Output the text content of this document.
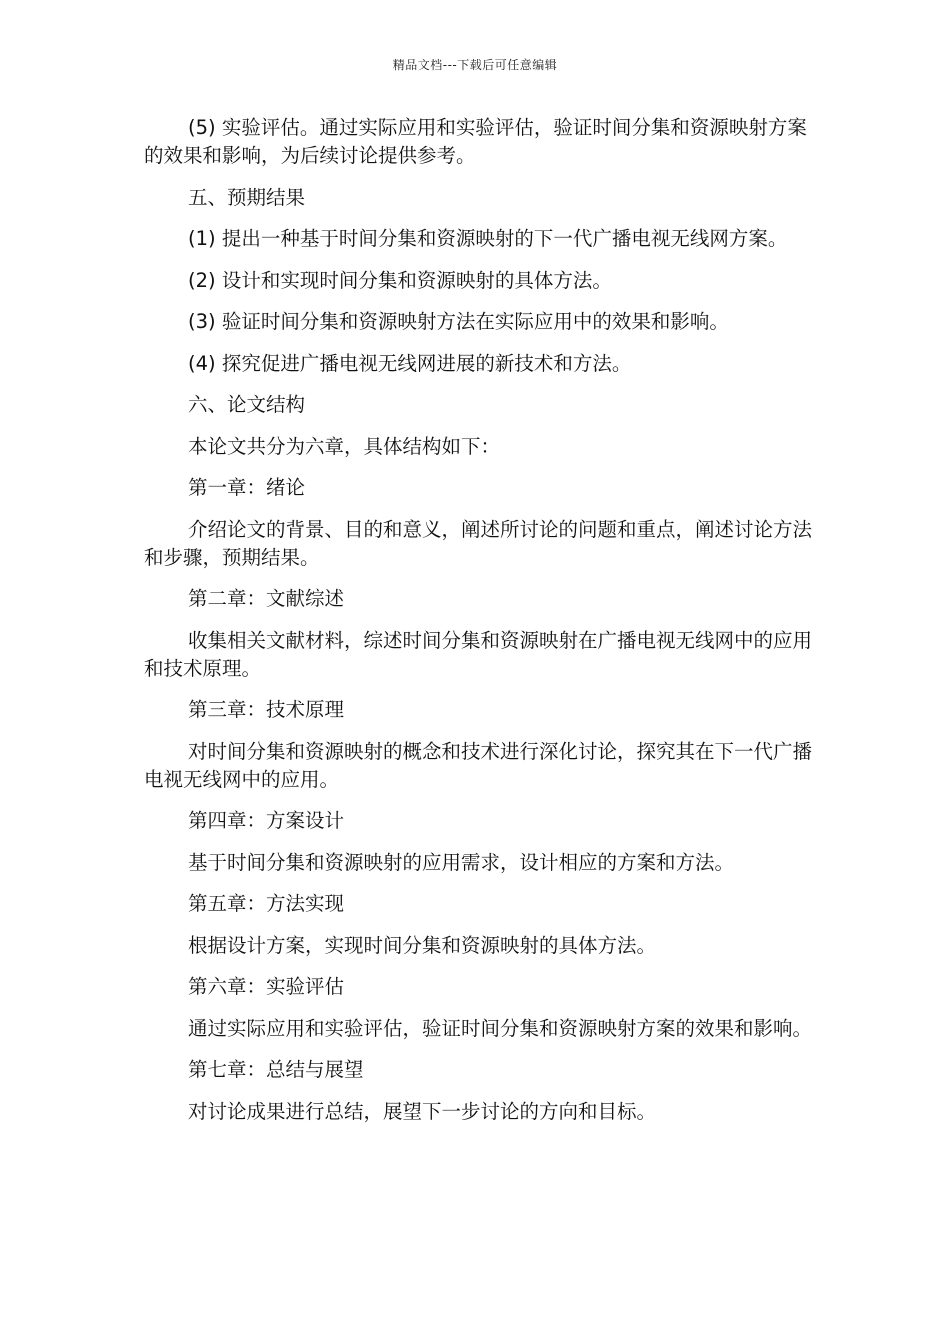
精品文档---下载后可任意编辑

(5) 实验评估。通过实际应用和实验评估，验证时间分集和资源映射方案的效果和影响，为后续讨论提供参考。

五、预期结果

(1) 提出一种基于时间分集和资源映射的下一代广播电视无线网方案。

(2) 设计和实现时间分集和资源映射的具体方法。

(3) 验证时间分集和资源映射方法在实际应用中的效果和影响。

(4) 探究促进广播电视无线网进展的新技术和方法。

六、论文结构

本论文共分为六章，具体结构如下：

第一章：绪论

介绍论文的背景、目的和意义，阐述所讨论的问题和重点，阐述讨论方法和步骤，预期结果。

第二章：文献综述

收集相关文献材料，综述时间分集和资源映射在广播电视无线网中的应用和技术原理。

第三章：技术原理

对时间分集和资源映射的概念和技术进行深化讨论，探究其在下一代广播电视无线网中的应用。

第四章：方案设计

基于时间分集和资源映射的应用需求，设计相应的方案和方法。

第五章：方法实现

根据设计方案，实现时间分集和资源映射的具体方法。

第六章：实验评估

通过实际应用和实验评估，验证时间分集和资源映射方案的效果和影响。

第七章：总结与展望

对讨论成果进行总结，展望下一步讨论的方向和目标。
